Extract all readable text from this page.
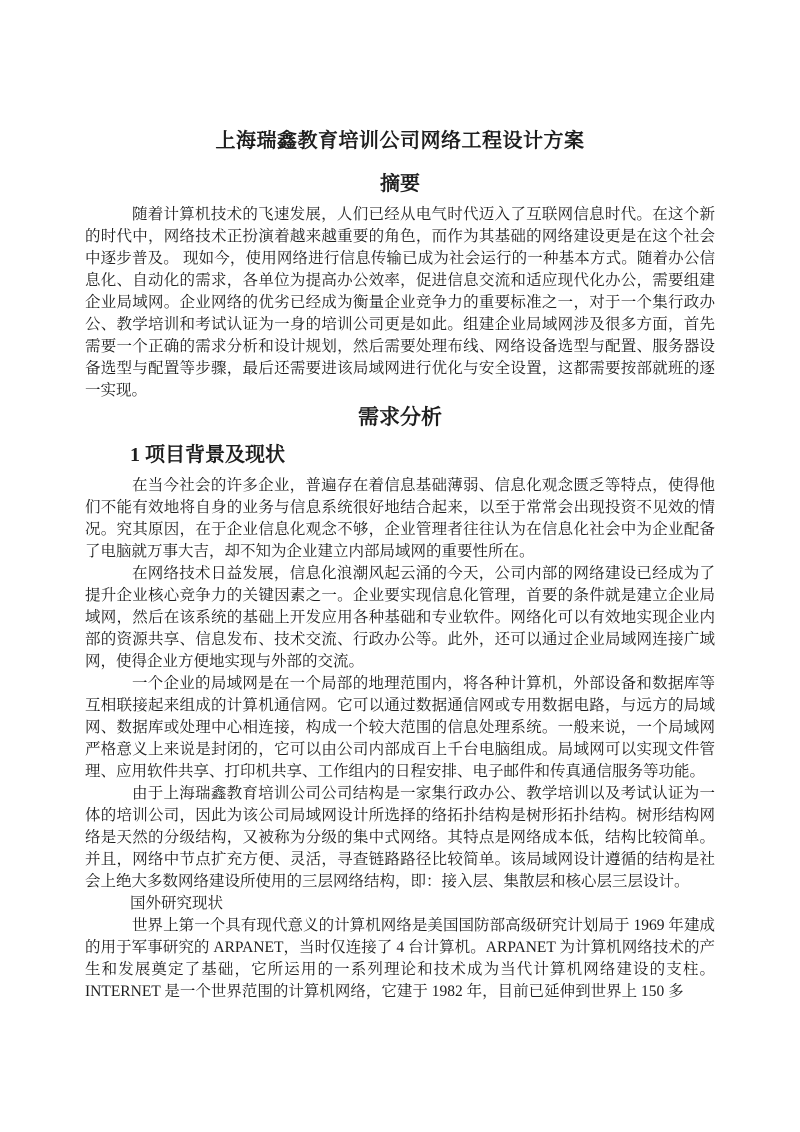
上海瑞鑫教育培训公司网络工程设计方案
摘要

随着计算机技术的飞速发展，人们已经从电气时代迈入了互联网信息时代。在这个新的时代中，网络技术正扮演着越来越重要的角色，而作为其基础的网络建设更是在这个社会中逐步普及。 现如今，使用网络进行信息传输已成为社会运行的一种基本方式。随着办公信息化、自动化的需求，各单位为提高办公效率，促进信息交流和适应现代化办公，需要组建企业局域网。企业网络的优劣已经成为衡量企业竞争力的重要标准之一，对于一个集行政办公、教学培训和考试认证为一身的培训公司更是如此。组建企业局域网涉及很多方面，首先需要一个正确的需求分析和设计规划，然后需要处理布线、网络设备选型与配置、服务器设备选型与配置等步骤，最后还需要进该局域网进行优化与安全设置，这都需要按部就班的逐一实现。

需求分析
1 项目背景及现状

在当今社会的许多企业，普遍存在着信息基础薄弱、信息化观念匮乏等特点，使得他们不能有效地将自身的业务与信息系统很好地结合起来，以至于常常会出现投资不见效的情况。究其原因，在于企业信息化观念不够，企业管理者往往认为在信息化社会中为企业配备了电脑就万事大吉，却不知为企业建立内部局域网的重要性所在。

在网络技术日益发展，信息化浪潮风起云涌的今天，公司内部的网络建设已经成为了提升企业核心竞争力的关键因素之一。企业要实现信息化管理，首要的条件就是建立企业局域网，然后在该系统的基础上开发应用各种基础和专业软件。网络化可以有效地实现企业内部的资源共享、信息发布、技术交流、行政办公等。此外，还可以通过企业局域网连接广域网，使得企业方便地实现与外部的交流。

一个企业的局域网是在一个局部的地理范围内，将各种计算机，外部设备和数据库等互相联接起来组成的计算机通信网。它可以通过数据通信网或专用数据电路，与远方的局域网、数据库或处理中心相连接，构成一个较大范围的信息处理系统。一般来说，一个局域网严格意义上来说是封闭的，它可以由公司内部成百上千台电脑组成。局域网可以实现文件管理、应用软件共享、打印机共享、工作组内的日程安排、电子邮件和传真通信服务等功能。

由于上海瑞鑫教育培训公司公司结构是一家集行政办公、教学培训以及考试认证为一体的培训公司，因此为该公司局域网设计所选择的络拓扑结构是树形拓扑结构。树形结构网络是天然的分级结构，又被称为分级的集中式网络。其特点是网络成本低，结构比较简单。并且，网络中节点扩充方便、灵活，寻查链路路径比较简单。该局域网设计遵循的结构是社会上绝大多数网络建设所使用的三层网络结构，即：接入层、集散层和核心层三层设计。

国外研究现状

世界上第一个具有现代意义的计算机网络是美国国防部高级研究计划局于 1969 年建成的用于军事研究的 ARPANET，当时仅连接了 4 台计算机。ARPANET 为计算机网络技术的产生和发展奠定了基础，它所运用的一系列理论和技术成为当代计算机网络建设的支柱。 INTERNET 是一个世界范围的计算机网络，它建于 1982 年，目前已延伸到世界上 150 多
